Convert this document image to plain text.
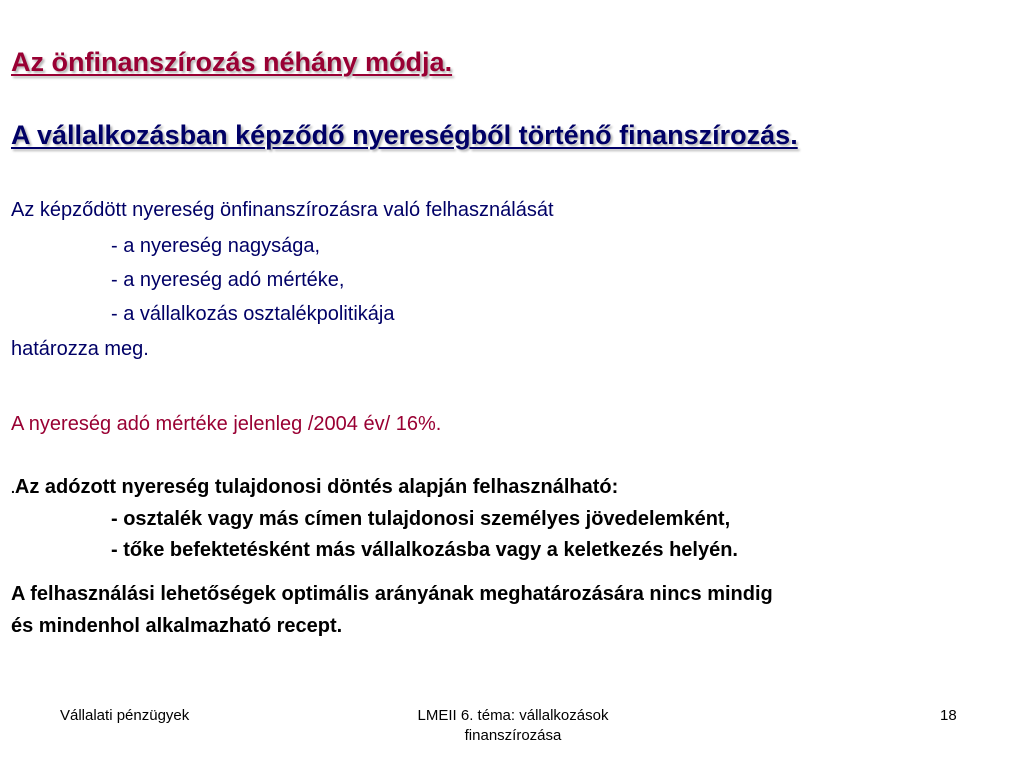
Az önfinanszírozás néhány módja.
A vállalkozásban képződő nyereségből történő finanszírozás.
Az képződött nyereség önfinanszírozásra való felhasználását
- a nyereség nagysága,
- a nyereség adó mértéke,
- a vállalkozás osztalékpolitikája
határozza meg.
A nyereség adó mértéke jelenleg /2004 év/ 16%.
.Az adózott nyereség tulajdonosi döntés alapján felhasználható:
- osztalék vagy más címen tulajdonosi személyes jövedelemként,
- tőke befektetésként más vállalkozásba vagy a keletkezés helyén.
A felhasználási lehetőségek optimális arányának meghatározására nincs mindig
és mindenhol alkalmazható recept.
Vállalati pénzügyek	LMEII 6. téma: vállalkozások finanszírozása
18
